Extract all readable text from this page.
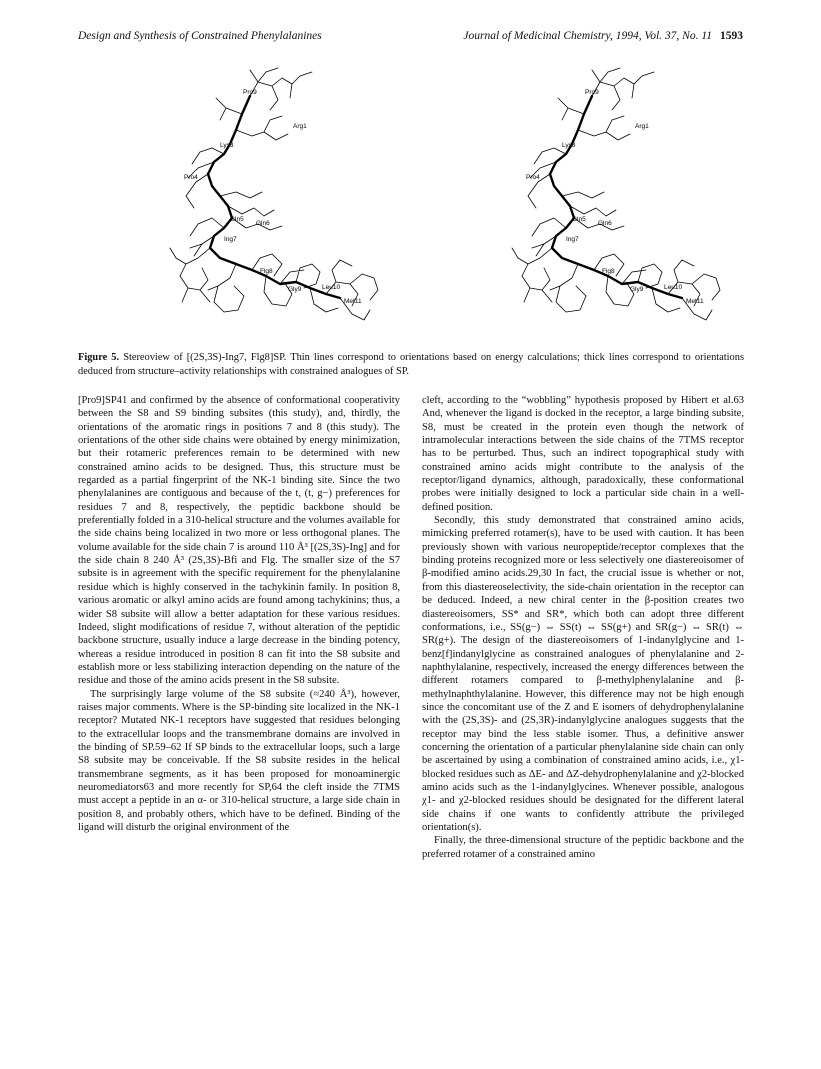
Design and Synthesis of Constrained Phenylalanines	Journal of Medicinal Chemistry, 1994, Vol. 37, No. 11 1593
Pro9
Arg1
Lys3
Pro4
Gln5
Gln6
Ing7
Flg8
Gly9	Leu10
Met11
Figure 5. Stereoview of [(2S,3S)-Ing7, Flg8]SP. Thin lines correspond to orientations based on energy calculations; thick lines correspond to orientations deduced from structure–activity relationships with constrained analogues of SP.

[Pro9]SP41 and confirmed by the absence of conformational cooperativity between the S8 and S9 binding subsites (this study), and, thirdly, the orientations of the aromatic rings in positions 7 and 8 (this study). The orientations of the other side chains were obtained by energy minimization, but their rotameric preferences remain to be determined with new constrained amino acids to be designed. Thus, this structure must be regarded as a partial fingerprint of the NK-1 binding site. Since the two phenylalanines are contiguous and because of the t, (t, g−) preferences for residues 7 and 8, respectively, the peptidic backbone should be preferentially folded in a 310-helical structure and the volumes available for the side chains being localized in two more or less orthogonal planes. The volume available for the side chain 7 is around 110 Å³ [(2S,3S)-Ing] and for the side chain 8 240 Å³ (2S,3S)-Bfi and Flg. The smaller size of the S7 subsite is in agreement with the specific requirement for the phenylalanine residue which is highly conserved in the tachykinin family. In position 8, various aromatic or alkyl amino acids are found among tachykinins; thus, a wider S8 subsite will allow a better adaptation for these various residues. Indeed, slight modifications of residue 7, without alteration of the peptidic backbone structure, usually induce a large decrease in the binding potency, whereas a residue introduced in position 8 can fit into the S8 subsite and establish more or less stabilizing interaction depending on the nature of the residue and those of the amino acids present in the S8 subsite.

The surprisingly large volume of the S8 subsite (≈240 Å³), however, raises major comments. Where is the SP-binding site localized in the NK-1 receptor? Mutated NK-1 receptors have suggested that residues belonging to the extracellular loops and the transmembrane domains are involved in the binding of SP.59–62 If SP binds to the extracellular loops, such a large S8 subsite may be conceivable. If the S8 subsite resides in the helical transmembrane segments, as it has been proposed for monoaminergic neuromediators63 and more recently for SP,64 the cleft inside the 7TMS must accept a peptide in an α- or 310-helical structure, a large side chain in position 8, and probably others, which have to be defined. Binding of the ligand will disturb the original environment of the

cleft, according to the “wobbling” hypothesis proposed by Hibert et al.63 And, whenever the ligand is docked in the receptor, a large binding subsite, S8, must be created in the protein even though the network of intramolecular interactions between the side chains of the 7TMS receptor has to be perturbed. Thus, such an indirect topographical study with constrained amino acids might contribute to the analysis of the receptor/ligand dynamics, although, paradoxically, these conformational probes were initially designed to lock a particular side chain in a well-defined position.

Secondly, this study demonstrated that constrained amino acids, mimicking preferred rotamer(s), have to be used with caution. It has been previously shown with various neuropeptide/receptor complexes that the binding proteins recognized more or less selectively one diastereoisomer of β-modified amino acids.29,30 In fact, the crucial issue is whether or not, from this diastereoselectivity, the side-chain orientation in the receptor can be deduced. Indeed, a new chiral center in the β-position creates two diastereoisomers, SS* and SR*, which both can adopt three different conformations, i.e., SS(g−) ⇔ SS(t) ⇔ SS(g+) and SR(g−) ⇔ SR(t) ⇔ SR(g+). The design of the diastereoisomers of 1-indanylglycine and 1-benz[f]indanylglycine as constrained analogues of phenylalanine and 2-naphthylalanine, respectively, increased the energy differences between the different rotamers compared to β-methylphenylalanine and β-methylnaphthylalanine. However, this difference may not be high enough since the concomitant use of the Z and E isomers of dehydrophenylalanine with the (2S,3S)- and (2S,3R)-indanylglycine analogues suggests that the receptor may bind the less stable isomer. Thus, a definitive answer concerning the orientation of a particular phenylalanine side chain can only be ascertained by using a combination of constrained amino acids, i.e., χ1-blocked residues such as ΔE- and ΔZ-dehydrophenylalanine and χ2-blocked amino acids such as the 1-indanylglycines. Whenever possible, analogous χ1- and χ2-blocked residues should be designated for the different lateral side chains if one wants to confidently attribute the privileged orientation(s).

Finally, the three-dimensional structure of the peptidic backbone and the preferred rotamer of a constrained amino
